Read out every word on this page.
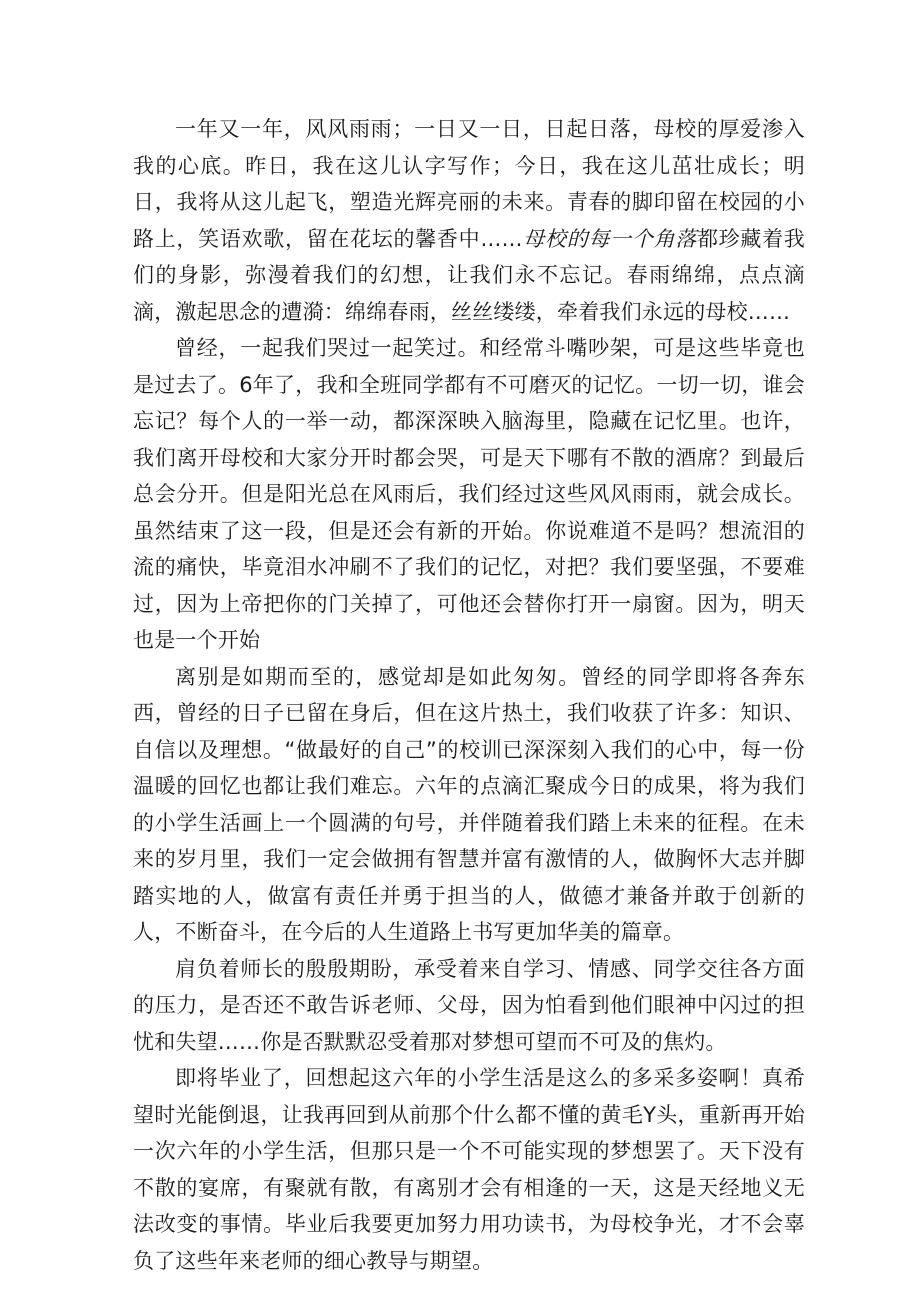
一年又一年，风风雨雨；一日又一日，日起日落，母校的厚爱渗入我的心底。昨日，我在这儿认字写作；今日，我在这儿茁壮成长；明日，我将从这儿起飞，塑造光辉亮丽的未来。青春的脚印留在校园的小路上，笑语欢歌，留在花坛的馨香中……母校的每一个角落都珍藏着我们的身影，弥漫着我们的幻想，让我们永不忘记。春雨绵绵，点点滴滴，激起思念的遭漪：绵绵春雨，丝丝缕缕，牵着我们永远的母校……

曾经，一起我们哭过一起笑过。和经常斗嘴吵架，可是这些毕竟也是过去了。6年了，我和全班同学都有不可磨灭的记忆。一切一切，谁会忘记？每个人的一举一动，都深深映入脑海里，隐藏在记忆里。也许，我们离开母校和大家分开时都会哭，可是天下哪有不散的酒席？到最后总会分开。但是阳光总在风雨后，我们经过这些风风雨雨，就会成长。虽然结束了这一段，但是还会有新的开始。你说难道不是吗？想流泪的流的痛快，毕竟泪水冲刷不了我们的记忆，对把？我们要坚强，不要难过，因为上帝把你的门关掉了，可他还会替你打开一扇窗。因为，明天也是一个开始

离别是如期而至的，感觉却是如此匆匆。曾经的同学即将各奔东西，曾经的日子已留在身后，但在这片热土，我们收获了许多：知识、自信以及理想。“做最好的自己”的校训已深深刻入我们的心中，每一份温暖的回忆也都让我们难忘。六年的点滴汇聚成今日的成果，将为我们的小学生活画上一个圆满的句号，并伴随着我们踏上未来的征程。在未来的岁月里，我们一定会做拥有智慧并富有激情的人，做胸怀大志并脚踏实地的人，做富有责任并勇于担当的人，做德才兼备并敢于创新的人，不断奋斗，在今后的人生道路上书写更加华美的篇章。

肩负着师长的殷殷期盼，承受着来自学习、情感、同学交往各方面的压力，是否还不敢告诉老师、父母，因为怕看到他们眼神中闪过的担忧和失望……你是否默默忍受着那对梦想可望而不可及的焦灼。

即将毕业了，回想起这六年的小学生活是这么的多采多姿啊！真希望时光能倒退，让我再回到从前那个什么都不懂的黄毛Y头，重新再开始一次六年的小学生活，但那只是一个不可能实现的梦想罢了。天下没有不散的宴席，有聚就有散，有离别才会有相逢的一天，这是天经地义无法改变的事情。毕业后我要更加努力用功读书，为母校争光，才不会辜负了这些年来老师的细心教导与期望。
